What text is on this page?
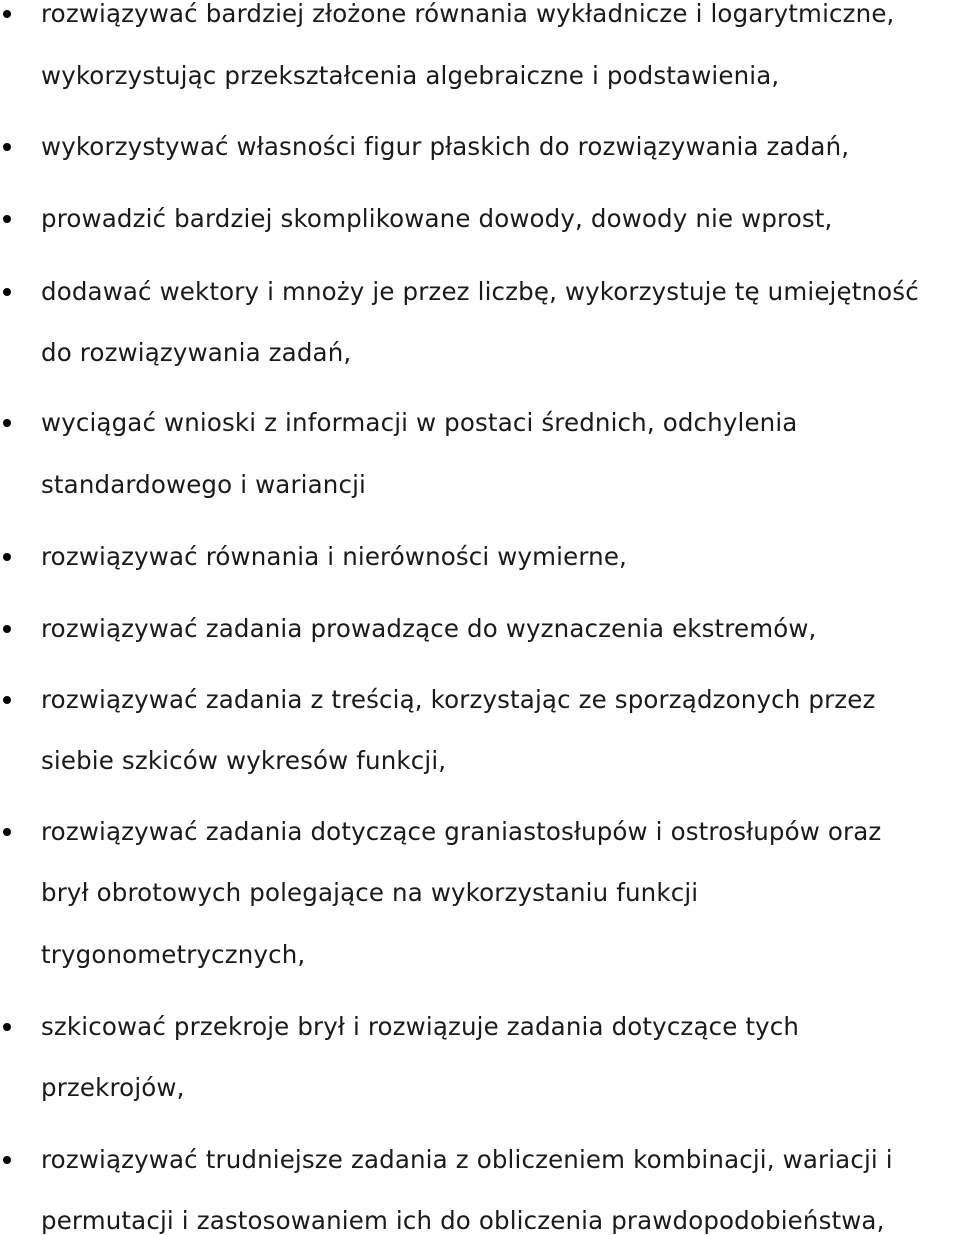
rozwiązywać bardziej złożone równania wykładnicze i logarytmiczne,
wykorzystując przekształcenia algebraiczne i podstawienia,
wykorzystywać własności figur płaskich do rozwiązywania zadań,
prowadzić bardziej skomplikowane dowody, dowody nie wprost,
dodawać wektory i mnoży je przez liczbę, wykorzystuje tę umiejętność
do rozwiązywania zadań,
wyciągać wnioski z informacji w postaci średnich, odchylenia
standardowego i wariancji
rozwiązywać równania i nierówności wymierne,
rozwiązywać zadania prowadzące do wyznaczenia ekstremów,
rozwiązywać zadania z treścią, korzystając ze sporządzonych przez
siebie szkiców wykresów funkcji,
rozwiązywać zadania dotyczące graniastosłupów i ostrosłupów oraz
brył obrotowych polegające na wykorzystaniu funkcji
trygonometrycznych,
szkicować przekroje brył i rozwiązuje zadania dotyczące tych
przekrojów,
rozwiązywać trudniejsze zadania z obliczeniem kombinacji, wariacji i
permutacji i zastosowaniem ich do obliczenia prawdopodobieństwa,
